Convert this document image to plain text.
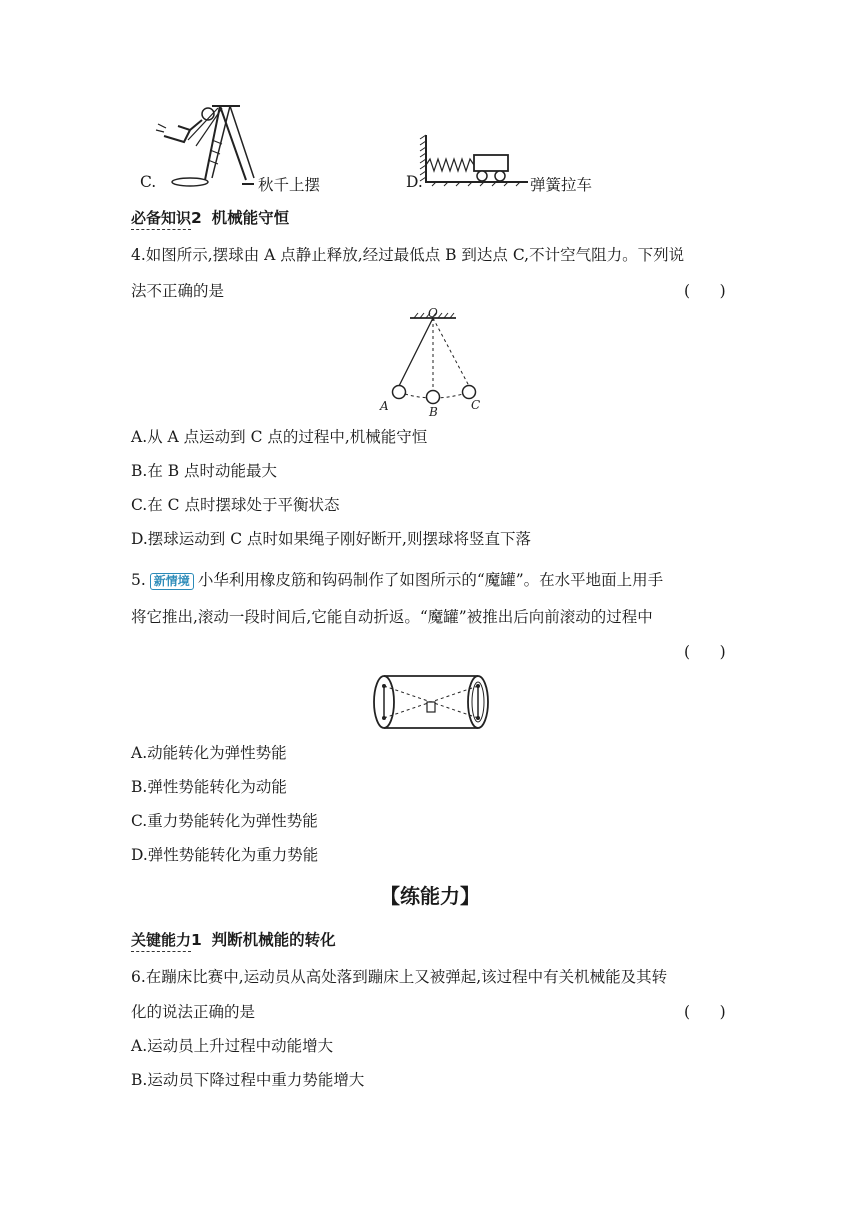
C.	秋千上摆	D.	弹簧拉车
必备知识2 机械能守恒
4.如图所示,摆球由 A 点静止释放,经过最低点 B 到达点 C,不计空气阻力。下列说
法不正确的是	(      )
O
A	B	C
A.从 A 点运动到 C 点的过程中,机械能守恒
B.在 B 点时动能最大
C.在 C 点时摆球处于平衡状态
D.摆球运动到 C 点时如果绳子刚好断开,则摆球将竖直下落
5. 新情境 小华利用橡皮筋和钩码制作了如图所示的“魔罐”。在水平地面上用手
将它推出,滚动一段时间后,它能自动折返。“魔罐”被推出后向前滚动的过程中
(      )
A.动能转化为弹性势能
B.弹性势能转化为动能
C.重力势能转化为弹性势能
D.弹性势能转化为重力势能
【练能力】
关键能力1 判断机械能的转化
6.在蹦床比赛中,运动员从高处落到蹦床上又被弹起,该过程中有关机械能及其转
化的说法正确的是	(      )
A.运动员上升过程中动能增大
B.运动员下降过程中重力势能增大
